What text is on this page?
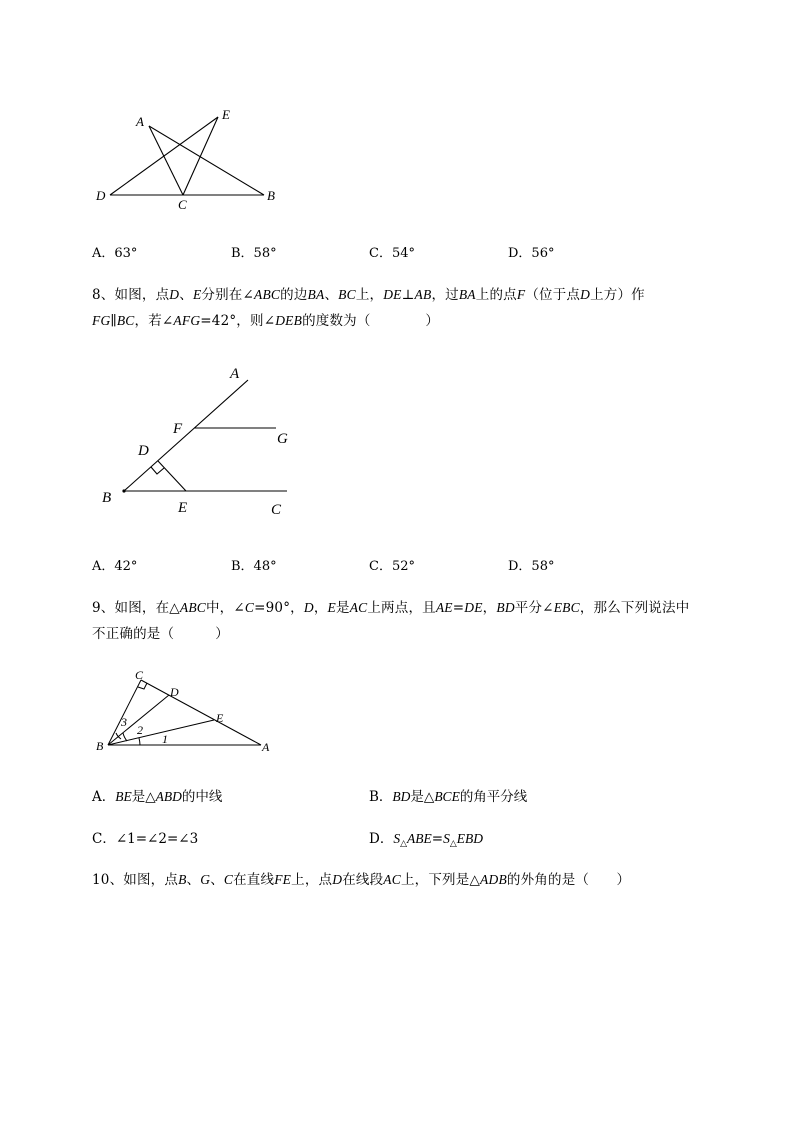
A	E
D
C
B
A．63°	B．58°	C．54°	D．56°
8、如图，点D、E分别在∠ABC的边BA、BC上，DE⊥AB，过BA上的点F（位于点D上方）作
FG∥BC，若∠AFG=42°，则∠DEB的度数为（　　　　）
A
F
G
D
B
E	C
A．42°	B．48°	C．52°	D．58°
9、如图，在△ABC中，∠C=90°，D，E是AC上两点，且AE=DE，BD平分∠EBC，那么下列说法中
不正确的是（　　　）
C
D
E
B	A
3
2
1
A．BE是△ABD的中线	B．BD是△BCE的角平分线
C．∠1=∠2=∠3	D．$S_\triangle ABE=S_\triangle EBD$
10、如图，点B、G、C在直线FE上，点D在线段AC上，下列是△ADB的外角的是（　　）
